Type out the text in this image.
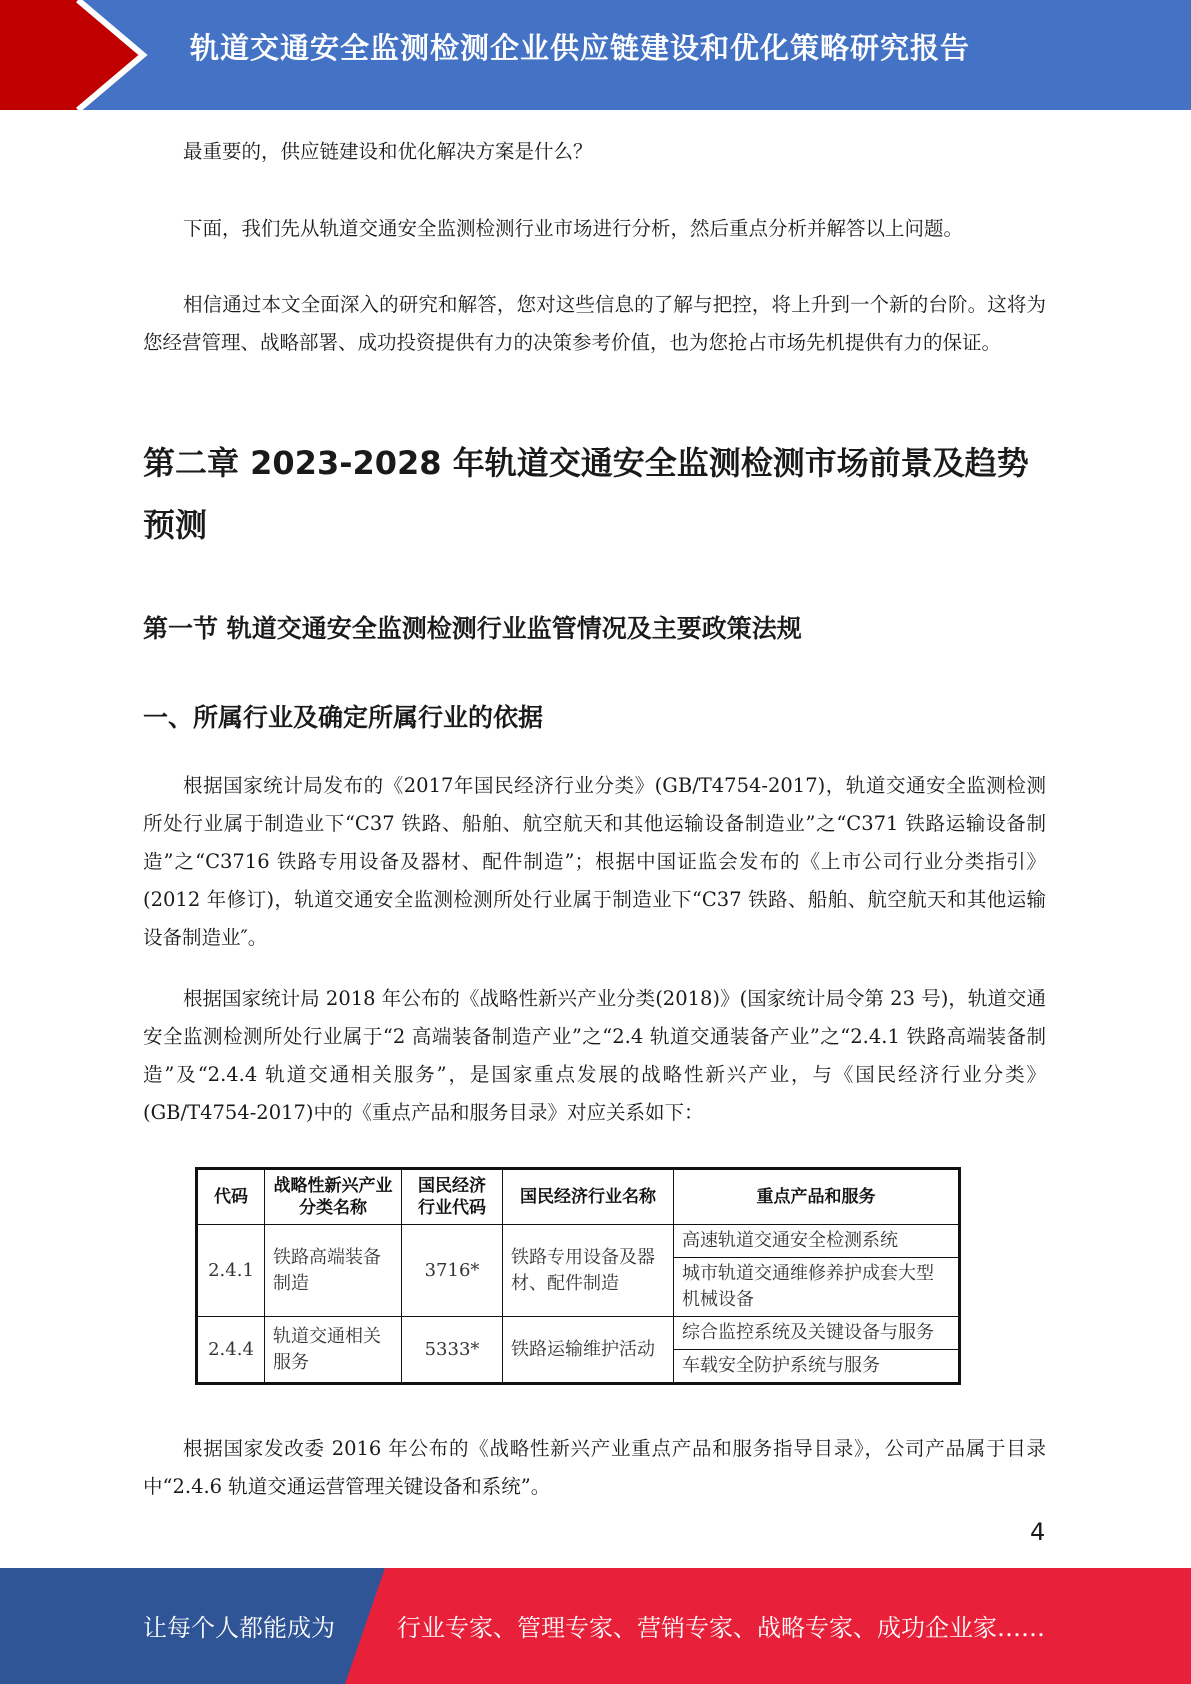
轨道交通安全监测检测企业供应链建设和优化策略研究报告

最重要的，供应链建设和优化解决方案是什么？

下面，我们先从轨道交通安全监测检测行业市场进行分析，然后重点分析并解答以上问题。

相信通过本文全面深入的研究和解答，您对这些信息的了解与把控，将上升到一个新的台阶。这将为您经营管理、战略部署、成功投资提供有力的决策参考价值，也为您抢占市场先机提供有力的保证。

第二章 2023-2028 年轨道交通安全监测检测市场前景及趋势预测
第一节 轨道交通安全监测检测行业监管情况及主要政策法规
一、所属行业及确定所属行业的依据

根据国家统计局发布的《2017年国民经济行业分类》(GB/T4754-2017)，轨道交通安全监测检测所处行业属于制造业下“C37 铁路、船舶、航空航天和其他运输设备制造业”之“C371 铁路运输设备制造”之“C3716 铁路专用设备及器材、配件制造”；根据中国证监会发布的《上市公司行业分类指引》(2012 年修订)，轨道交通安全监测检测所处行业属于制造业下“C37 铁路、船舶、航空航天和其他运输设备制造业″。

根据国家统计局 2018 年公布的《战略性新兴产业分类(2018)》(国家统计局令第 23 号)，轨道交通安全监测检测所处行业属于“2 高端装备制造产业”之“2.4 轨道交通装备产业”之“2.4.1 铁路高端装备制造”及“2.4.4 轨道交通相关服务”，是国家重点发展的战略性新兴产业，与《国民经济行业分类》(GB/T4754-2017)中的《重点产品和服务目录》对应关系如下：

根据国家发改委 2016 年公布的《战略性新兴产业重点产品和服务指导目录》，公司产品属于目录中“2.4.6 轨道交通运营管理关键设备和系统”。

代码	战略性新兴产业分类名称	国民经济行业代码	国民经济行业名称	重点产品和服务
2.4.1	铁路高端装备制造	3716*	铁路专用设备及器材、配件制造	高速轨道交通安全检测系统
				城市轨道交通维修养护成套大型机械设备
2.4.4	轨道交通相关服务	5333*	铁路运输维护活动	综合监控系统及关键设备与服务
				车载安全防护系统与服务
4
让每个人都能成为	行业专家、管理专家、营销专家、战略专家、成功企业家……
